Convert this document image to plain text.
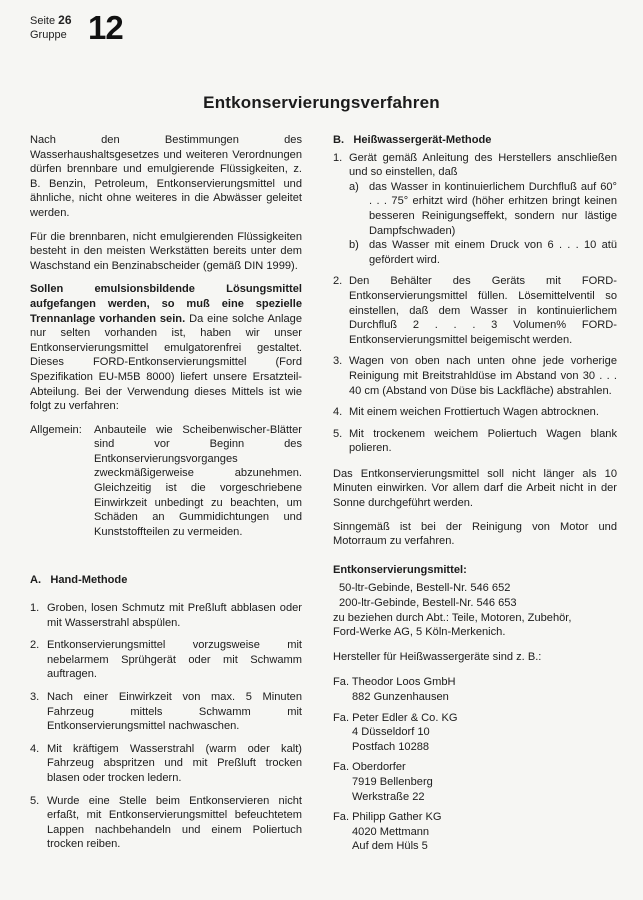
Seite 26
Gruppe 12
Entkonservierungsverfahren

Nach den Bestimmungen des Wasserhaushaltsgesetzes und weiteren Verordnungen dürfen brennbare und emulgierende Flüssigkeiten, z. B. Benzin, Petroleum, Entkonservierungsmittel und ähnliche, nicht ohne weiteres in die Abwässer geleitet werden.

Für die brennbaren, nicht emulgierenden Flüssigkeiten besteht in den meisten Werkstätten bereits unter dem Waschstand ein Benzinabscheider (gemäß DIN 1999).

Sollen emulsionsbildende Lösungsmittel aufgefangen werden, so muß eine spezielle Trennanlage vorhanden sein. Da eine solche Anlage nur selten vorhanden ist, haben wir unser Entkonservierungsmittel emulgatorenfrei gestaltet. Dieses FORD-Entkonservierungsmittel (Ford Spezifikation EU-M5B 8000) liefert unsere Ersatzteil-Abteilung. Bei der Verwendung dieses Mittels ist wie folgt zu verfahren:

Allgemein:	Anbauteile wie Scheibenwischer-Blätter sind vor Beginn des Entkonservierungsvorganges zweckmäßigerweise abzunehmen. Gleichzeitig ist die vorgeschriebene Einwirkzeit unbedingt zu beachten, um Schäden an Gummidichtungen und Kunststoffteilen zu vermeiden.
A. Hand-Methode
1. Groben, losen Schmutz mit Preßluft abblasen oder mit Wasserstrahl abspülen.
2. Entkonservierungsmittel vorzugsweise mit nebelarmem Sprühgerät oder mit Schwamm auftragen.
3. Nach einer Einwirkzeit von max. 5 Minuten Fahrzeug mittels Schwamm mit Entkonservierungsmittel nachwaschen.
4. Mit kräftigem Wasserstrahl (warm oder kalt) Fahrzeug abspritzen und mit Preßluft trocken blasen oder trocken ledern.
5. Wurde eine Stelle beim Entkonservieren nicht erfaßt, mit Entkonservierungsmittel befeuchtetem Lappen nachbehandeln und einem Poliertuch trocken reiben.
B. Heißwassergerät-Methode
1. Gerät gemäß Anleitung des Herstellers anschließen und so einstellen, daß
a) das Wasser in kontinuierlichem Durchfluß auf 60° . . . 75° erhitzt wird (höher erhitzen bringt keinen besseren Reinigungseffekt, sondern nur lästige Dampfschwaden)
b) das Wasser mit einem Druck von 6 . . . 10 atü gefördert wird.
2. Den Behälter des Geräts mit FORD-Entkonservierungsmittel füllen. Lösemittelventil so einstellen, daß dem Wasser in kontinuierlichem Durchfluß 2 . . . 3 Volumen% FORD-Entkonservierungsmittel beigemischt werden.
3. Wagen von oben nach unten ohne jede vorherige Reinigung mit Breitstrahldüse im Abstand von 30 . . . 40 cm (Abstand von Düse bis Lackfläche) abstrahlen.
4. Mit einem weichen Frottiertuch Wagen abtrocknen.
5. Mit trockenem weichem Poliertuch Wagen blank polieren.

Das Entkonservierungsmittel soll nicht länger als 10 Minuten einwirken. Vor allem darf die Arbeit nicht in der Sonne durchgeführt werden.

Sinngemäß ist bei der Reinigung von Motor und Motorraum zu verfahren.

Entkonservierungsmittel:
50-ltr-Gebinde, Bestell-Nr. 546 652
200-ltr-Gebinde, Bestell-Nr. 546 653
zu beziehen durch Abt.: Teile, Motoren, Zubehör,
Ford-Werke AG, 5 Köln-Merkenich.
Hersteller für Heißwassergeräte sind z. B.:
Fa. Theodor Loos GmbH
882 Gunzenhausen
Fa. Peter Edler & Co. KG
4 Düsseldorf 10
Postfach 10288
Fa. Oberdorfer
7919 Bellenberg
Werkstraße 22
Fa. Philipp Gather KG
4020 Mettmann
Auf dem Hüls 5
